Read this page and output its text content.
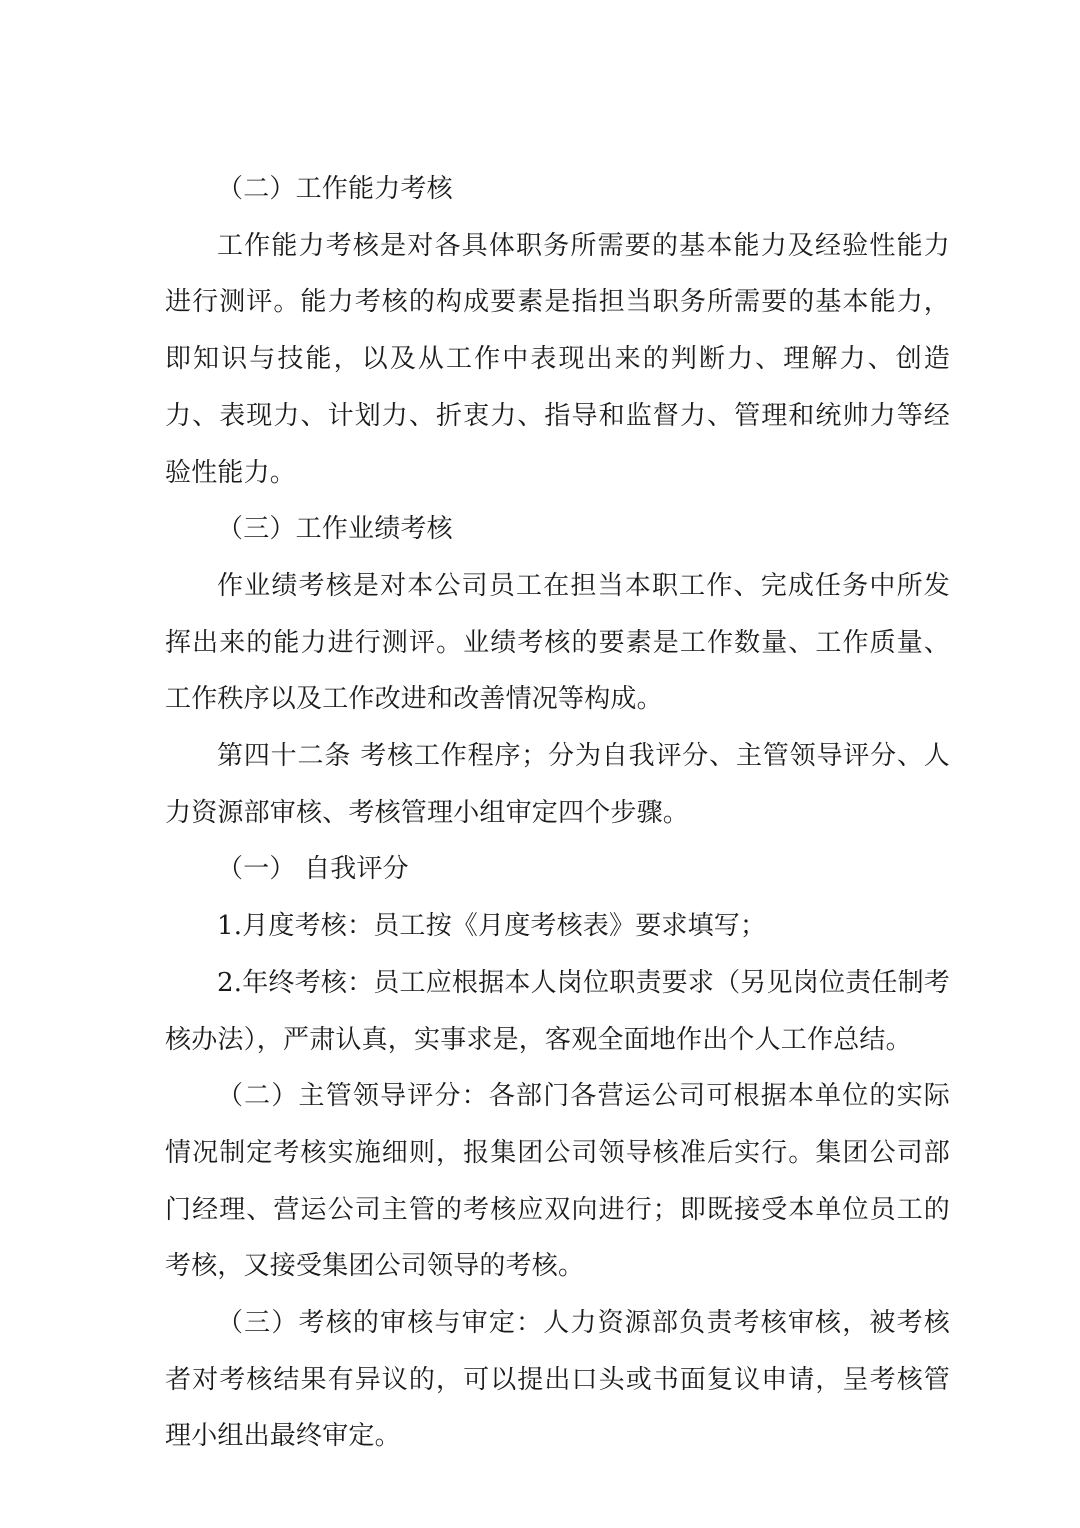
（二）工作能力考核

工作能力考核是对各具体职务所需要的基本能力及经验性能力进行测评。能力考核的构成要素是指担当职务所需要的基本能力，即知识与技能，以及从工作中表现出来的判断力、理解力、创造力、表现力、计划力、折衷力、指导和监督力、管理和统帅力等经验性能力。

（三）工作业绩考核

作业绩考核是对本公司员工在担当本职工作、完成任务中所发挥出来的能力进行测评。业绩考核的要素是工作数量、工作质量、工作秩序以及工作改进和改善情况等构成。

第四十二条 考核工作程序；分为自我评分、主管领导评分、人力资源部审核、考核管理小组审定四个步骤。

（一） 自我评分

1.月度考核：员工按《月度考核表》要求填写；

2.年终考核：员工应根据本人岗位职责要求（另见岗位责任制考核办法），严肃认真，实事求是，客观全面地作出个人工作总结。

（二）主管领导评分：各部门各营运公司可根据本单位的实际情况制定考核实施细则，报集团公司领导核准后实行。集团公司部门经理、营运公司主管的考核应双向进行；即既接受本单位员工的考核，又接受集团公司领导的考核。

（三）考核的审核与审定：人力资源部负责考核审核，被考核者对考核结果有异议的，可以提出口头或书面复议申请，呈考核管理小组出最终审定。
